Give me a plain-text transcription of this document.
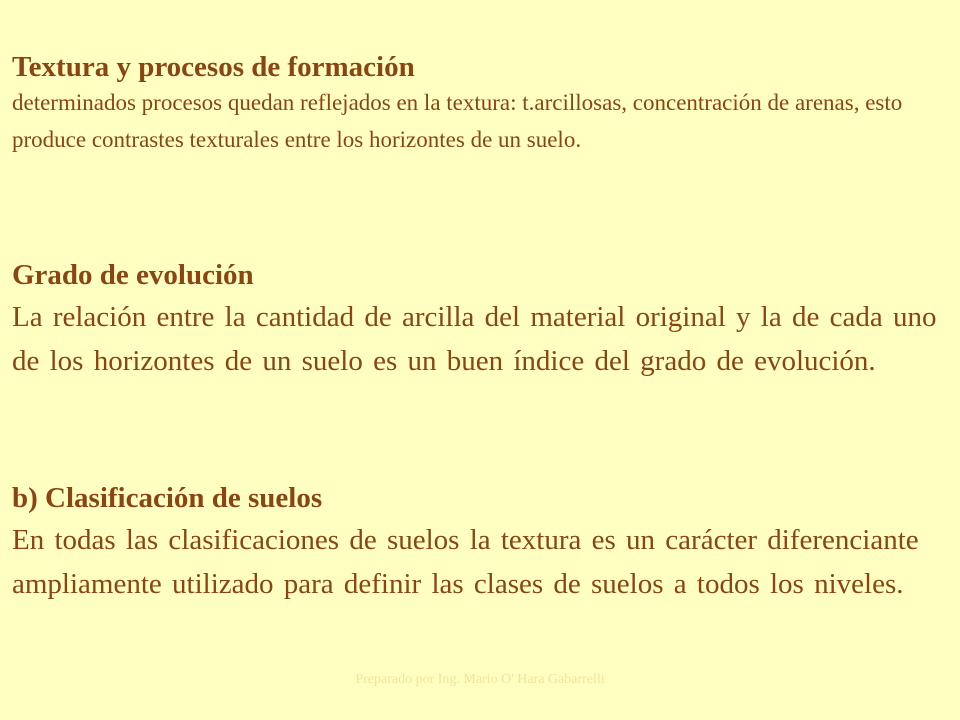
Textura y procesos de formación

determinados procesos quedan reflejados en la textura: t.arcillosas, concentración de arenas, esto produce contrastes texturales entre los horizontes de un suelo.

Grado de evolución

La relación entre la cantidad de arcilla del material original y la de cada uno de los horizontes de un suelo es un buen índice del grado de evolución.

b) Clasificación de suelos

En todas las clasificaciones de suelos la textura es un carácter diferenciante ampliamente utilizado para definir las clases de suelos a todos los niveles.

Preparado por Ing. Mario O' Hara Gabarrelli
